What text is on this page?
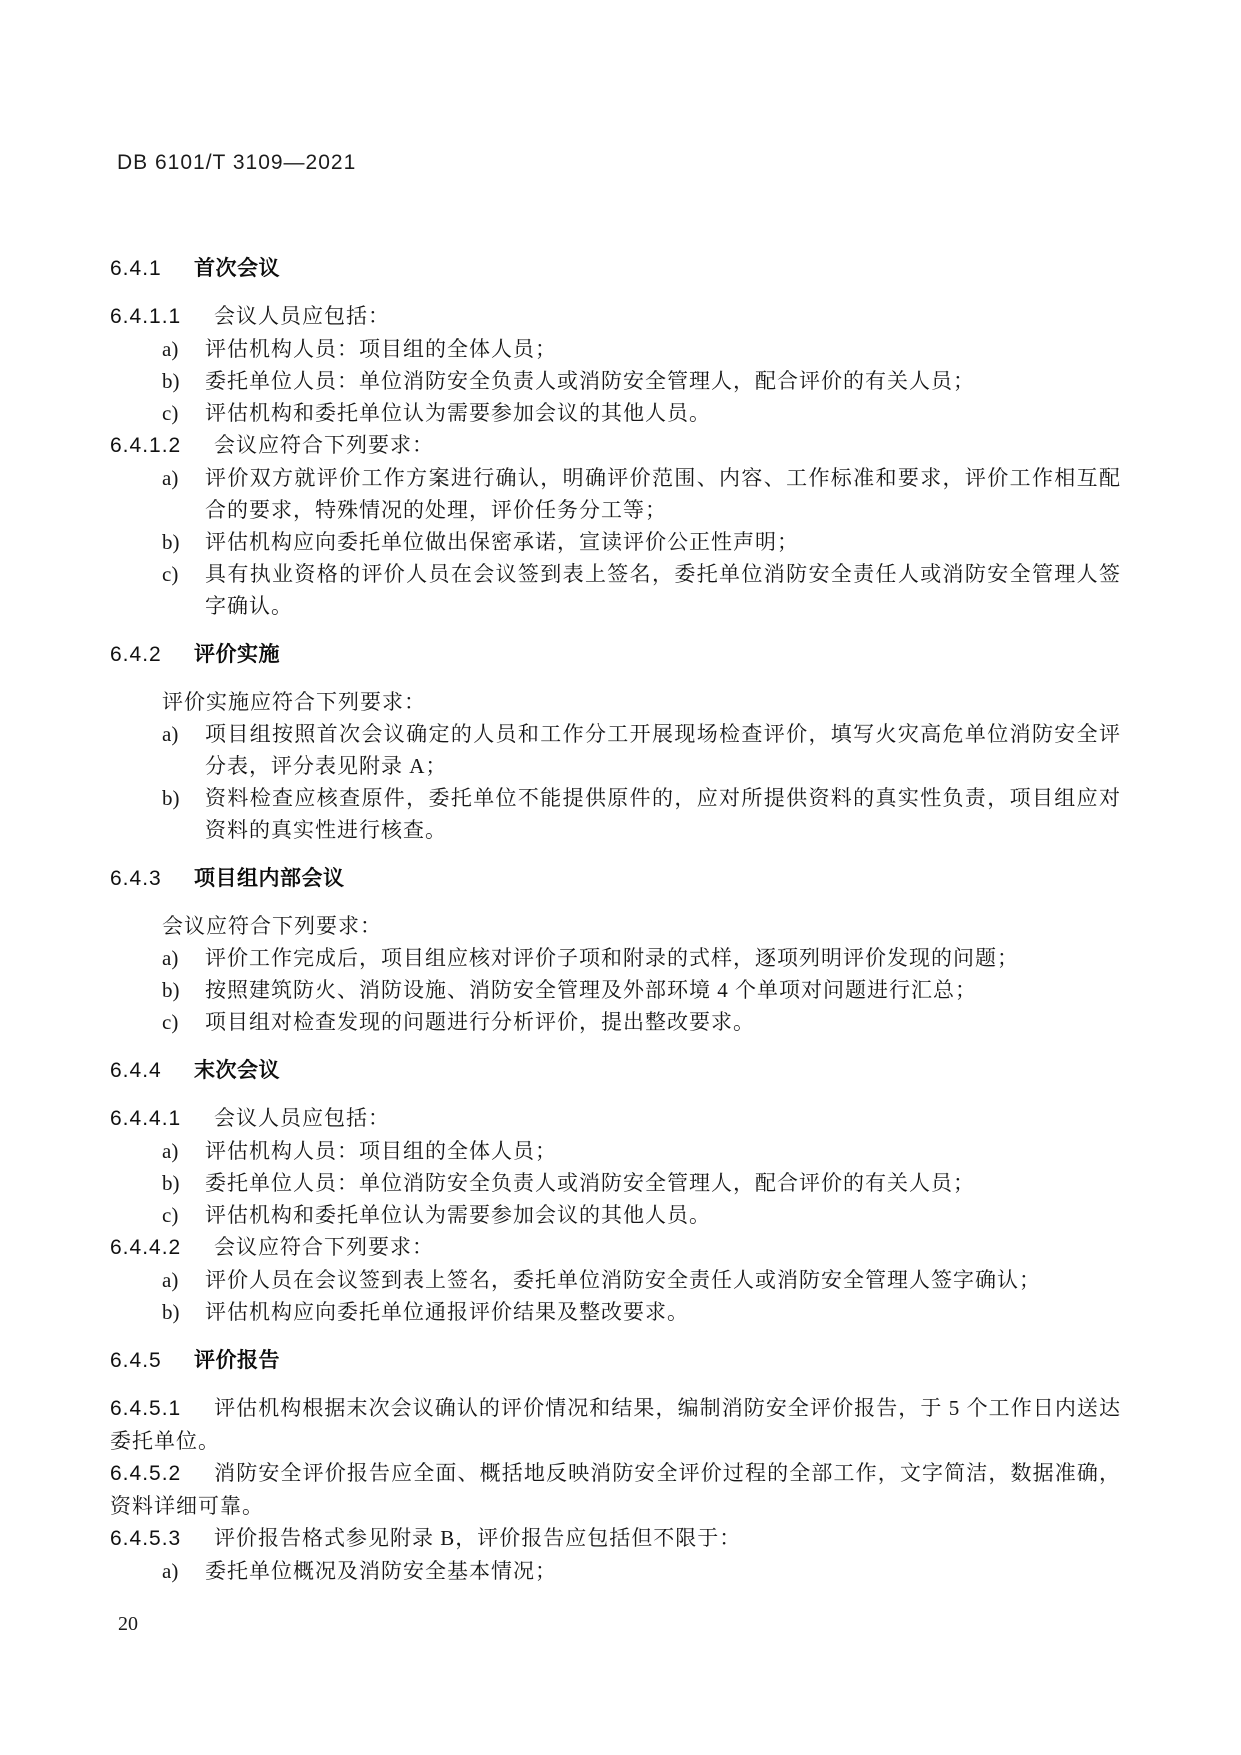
DB 6101/T 3109—2021
6.4.1 首次会议

6.4.1.1 会议人员应包括：

a) 评估机构人员：项目组的全体人员；
b) 委托单位人员：单位消防安全负责人或消防安全管理人，配合评价的有关人员；
c) 评估机构和委托单位认为需要参加会议的其他人员。

6.4.1.2 会议应符合下列要求：

a) 评价双方就评价工作方案进行确认，明确评价范围、内容、工作标准和要求，评价工作相互配合的要求，特殊情况的处理，评价任务分工等；
b) 评估机构应向委托单位做出保密承诺，宣读评价公正性声明；
c) 具有执业资格的评价人员在会议签到表上签名，委托单位消防安全责任人或消防安全管理人签字确认。
6.4.2 评价实施

评价实施应符合下列要求：

a) 项目组按照首次会议确定的人员和工作分工开展现场检查评价，填写火灾高危单位消防安全评分表，评分表见附录 A；
b) 资料检查应核查原件，委托单位不能提供原件的，应对所提供资料的真实性负责，项目组应对资料的真实性进行核查。
6.4.3 项目组内部会议

会议应符合下列要求：

a) 评价工作完成后，项目组应核对评价子项和附录的式样，逐项列明评价发现的问题；
b) 按照建筑防火、消防设施、消防安全管理及外部环境 4 个单项对问题进行汇总；
c) 项目组对检查发现的问题进行分析评价，提出整改要求。
6.4.4 末次会议

6.4.4.1 会议人员应包括：

a) 评估机构人员：项目组的全体人员；
b) 委托单位人员：单位消防安全负责人或消防安全管理人，配合评价的有关人员；
c) 评估机构和委托单位认为需要参加会议的其他人员。

6.4.4.2 会议应符合下列要求：

a) 评价人员在会议签到表上签名，委托单位消防安全责任人或消防安全管理人签字确认；
b) 评估机构应向委托单位通报评价结果及整改要求。
6.4.5 评价报告

6.4.5.1 评估机构根据末次会议确认的评价情况和结果，编制消防安全评价报告，于 5 个工作日内送达委托单位。

6.4.5.2 消防安全评价报告应全面、概括地反映消防安全评价过程的全部工作，文字简洁，数据准确，资料详细可靠。

6.4.5.3 评价报告格式参见附录 B，评价报告应包括但不限于：

a) 委托单位概况及消防安全基本情况；
20
